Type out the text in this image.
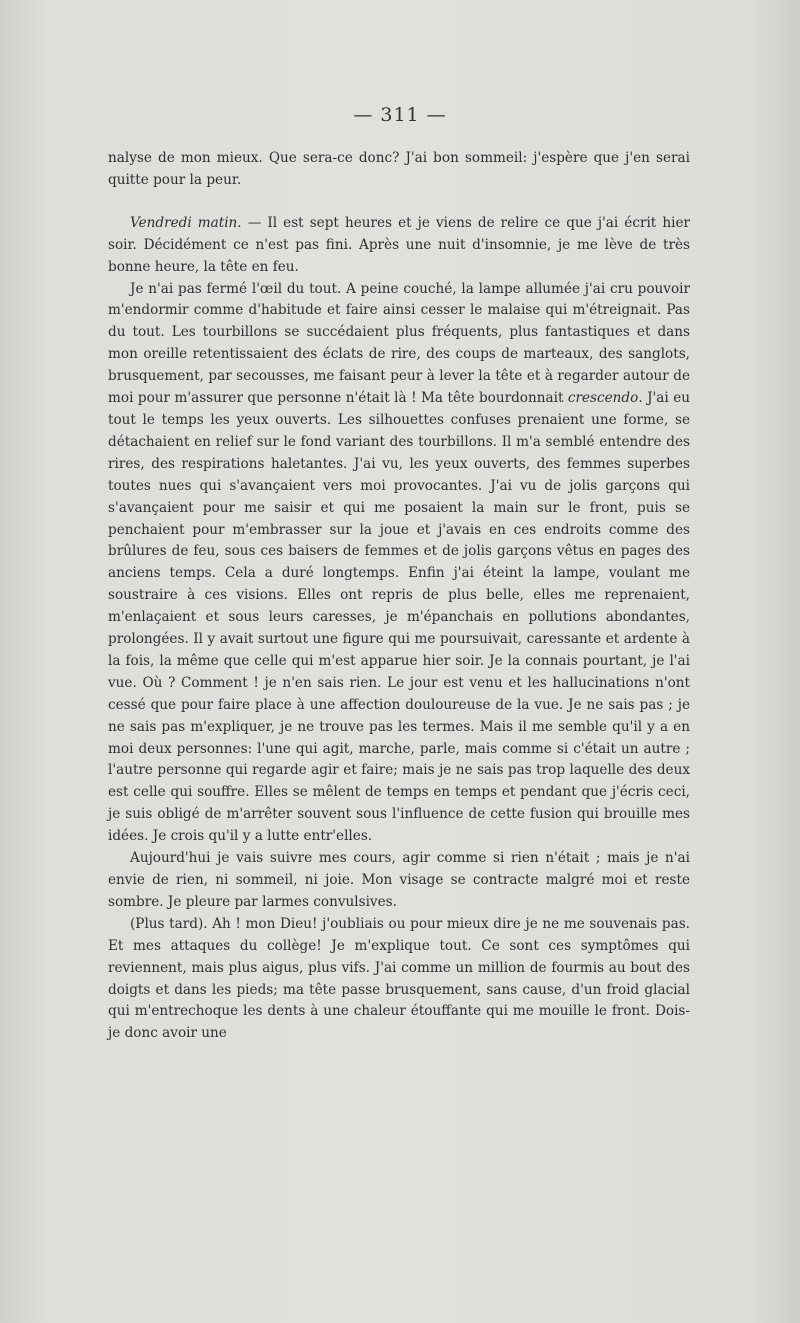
— 311 —

nalyse de mon mieux. Que sera-ce donc? J'ai bon sommeil: j'espère que j'en serai quitte pour la peur.

Vendredi matin. — Il est sept heures et je viens de relire ce que j'ai écrit hier soir. Décidément ce n'est pas fini. Après une nuit d'insomnie, je me lève de très bonne heure, la tête en feu.

Je n'ai pas fermé l'œil du tout. A peine couché, la lampe allumée j'ai cru pouvoir m'endormir comme d'habitude et faire ainsi cesser le malaise qui m'étreignait. Pas du tout. Les tourbillons se succédaient plus fréquents, plus fantastiques et dans mon oreille retentissaient des éclats de rire, des coups de marteaux, des sanglots, brusquement, par secousses, me faisant peur à lever la tête et à regarder autour de moi pour m'assurer que personne n'était là ! Ma tête bourdonnait crescendo. J'ai eu tout le temps les yeux ouverts. Les silhouettes confuses prenaient une forme, se détachaient en relief sur le fond variant des tourbillons. Il m'a semblé entendre des rires, des respirations haletantes. J'ai vu, les yeux ouverts, des femmes superbes toutes nues qui s'avançaient vers moi provocantes. J'ai vu de jolis garçons qui s'avançaient pour me saisir et qui me posaient la main sur le front, puis se penchaient pour m'embrasser sur la joue et j'avais en ces endroits comme des brûlures de feu, sous ces baisers de femmes et de jolis garçons vêtus en pages des anciens temps. Cela a duré longtemps. Enfin j'ai éteint la lampe, voulant me soustraire à ces visions. Elles ont repris de plus belle, elles me reprenaient, m'enlaçaient et sous leurs caresses, je m'épanchais en pollutions abondantes, prolongées. Il y avait surtout une figure qui me poursuivait, caressante et ardente à la fois, la même que celle qui m'est apparue hier soir. Je la connais pourtant, je l'ai vue. Où ? Comment ! je n'en sais rien. Le jour est venu et les hallucinations n'ont cessé que pour faire place à une affection douloureuse de la vue. Je ne sais pas ; je ne sais pas m'expliquer, je ne trouve pas les termes. Mais il me semble qu'il y a en moi deux personnes: l'une qui agit, marche, parle, mais comme si c'était un autre ; l'autre personne qui regarde agir et faire; mais je ne sais pas trop laquelle des deux est celle qui souffre. Elles se mêlent de temps en temps et pendant que j'écris ceci, je suis obligé de m'arrêter souvent sous l'influence de cette fusion qui brouille mes idées. Je crois qu'il y a lutte entr'elles.

Aujourd'hui je vais suivre mes cours, agir comme si rien n'était ; mais je n'ai envie de rien, ni sommeil, ni joie. Mon visage se contracte malgré moi et reste sombre. Je pleure par larmes convulsives.

(Plus tard). Ah ! mon Dieu! j'oubliais ou pour mieux dire je ne me souvenais pas. Et mes attaques du collège! Je m'explique tout. Ce sont ces symptômes qui reviennent, mais plus aigus, plus vifs. J'ai comme un million de fourmis au bout des doigts et dans les pieds; ma tête passe brusquement, sans cause, d'un froid glacial qui m'entrechoque les dents à une chaleur étouffante qui me mouille le front. Dois-je donc avoir une
